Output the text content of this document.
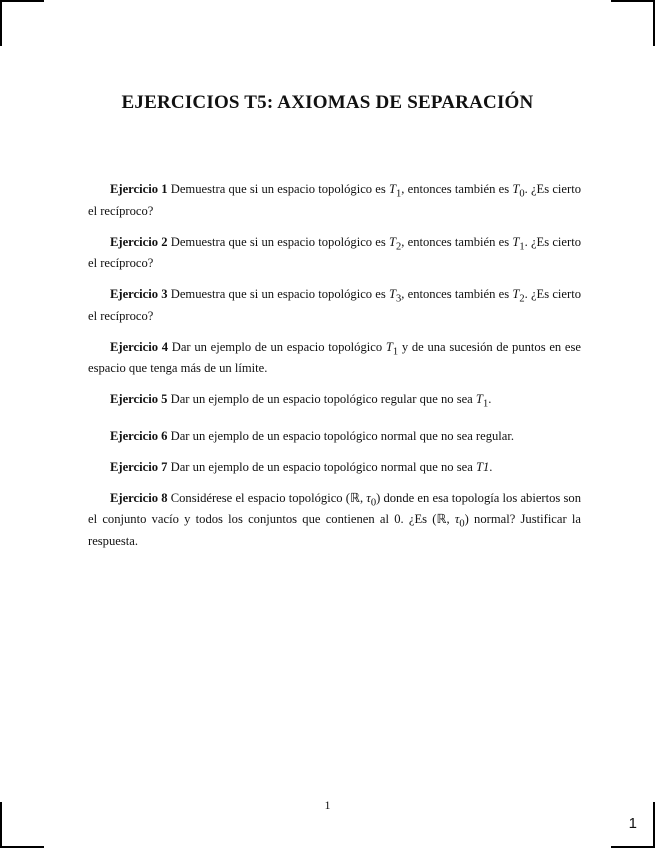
EJERCICIOS T5: AXIOMAS DE SEPARACIÓN

Ejercicio 1 Demuestra que si un espacio topológico es $T_1$, entonces también es $T_0$. ¿Es cierto el recíproco?

Ejercicio 2 Demuestra que si un espacio topológico es $T_2$, entonces también es $T_1$. ¿Es cierto el recíproco?

Ejercicio 3 Demuestra que si un espacio topológico es $T_3$, entonces también es $T_2$. ¿Es cierto el recíproco?

Ejercicio 4 Dar un ejemplo de un espacio topológico $T_1$ y de una sucesión de puntos en ese espacio que tenga más de un límite.

Ejercicio 5 Dar un ejemplo de un espacio topológico regular que no sea $T_1$.

Ejercicio 6 Dar un ejemplo de un espacio topológico normal que no sea regular.

Ejercicio 7 Dar un ejemplo de un espacio topológico normal que no sea T1.

Ejercicio 8 Considérese el espacio topológico (ℝ, $\tau_0$) donde en esa topología los abiertos son el conjunto vacío y todos los conjuntos que contienen al 0. ¿Es (ℝ, $\tau_0$) normal? Justificar la respuesta.

1
1
